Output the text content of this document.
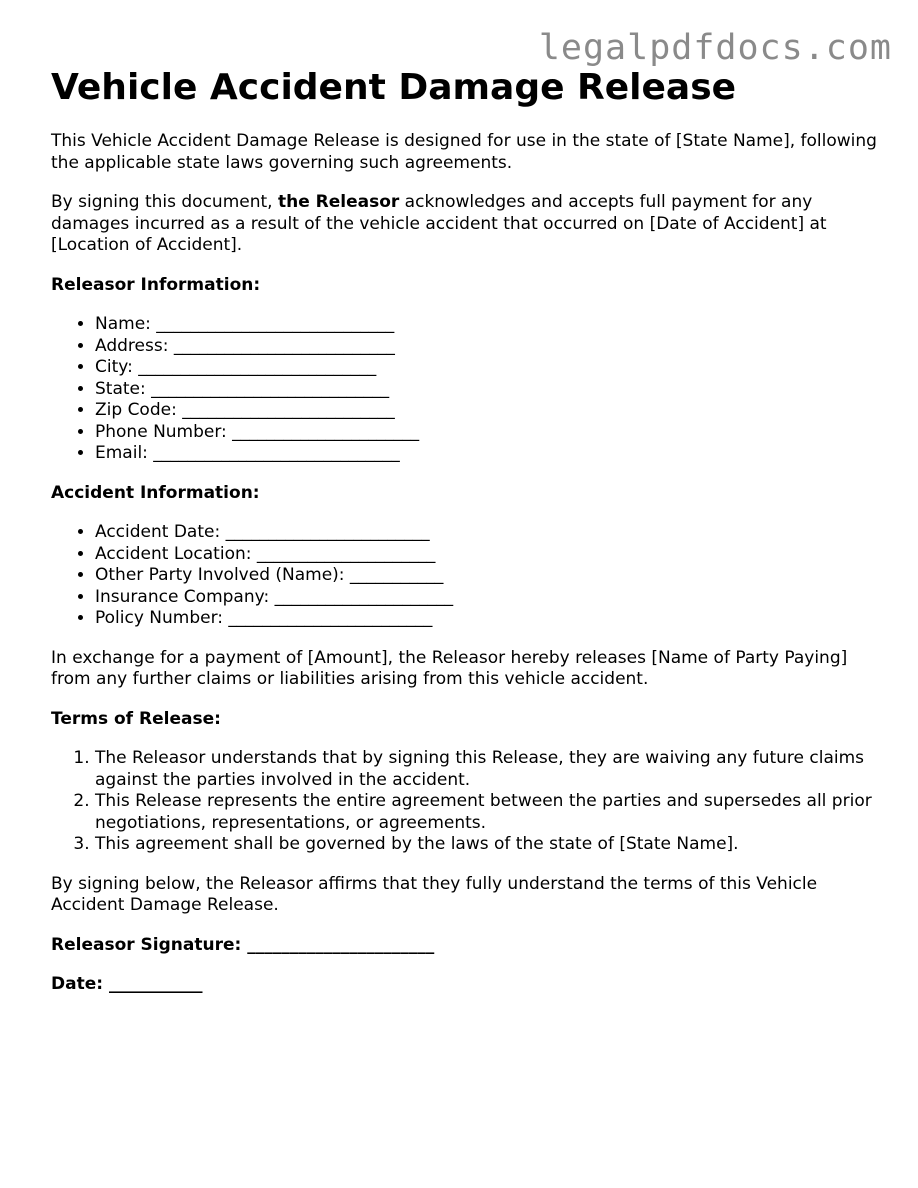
legalpdfdocs.com
Vehicle Accident Damage Release

This Vehicle Accident Damage Release is designed for use in the state of [State Name], following the applicable state laws governing such agreements.

By signing this document, the Releasor acknowledges and accepts full payment for any damages incurred as a result of the vehicle accident that occurred on [Date of Accident] at [Location of Accident].

Releasor Information:

• Name: ____________________________
• Address: __________________________
• City: ____________________________
• State: ____________________________
• Zip Code: _________________________
• Phone Number: ______________________
• Email: _____________________________

Accident Information:

• Accident Date: ________________________
• Accident Location: _____________________
• Other Party Involved (Name): ___________
• Insurance Company: _____________________
• Policy Number: ________________________

In exchange for a payment of [Amount], the Releasor hereby releases [Name of Party Paying] from any further claims or liabilities arising from this vehicle accident.

Terms of Release:

1. The Releasor understands that by signing this Release, they are waiving any future claims against the parties involved in the accident.
2. This Release represents the entire agreement between the parties and supersedes all prior negotiations, representations, or agreements.
3. This agreement shall be governed by the laws of the state of [State Name].

By signing below, the Releasor affirms that they fully understand the terms of this Vehicle Accident Damage Release.

Releasor Signature: ______________________

Date: ___________
